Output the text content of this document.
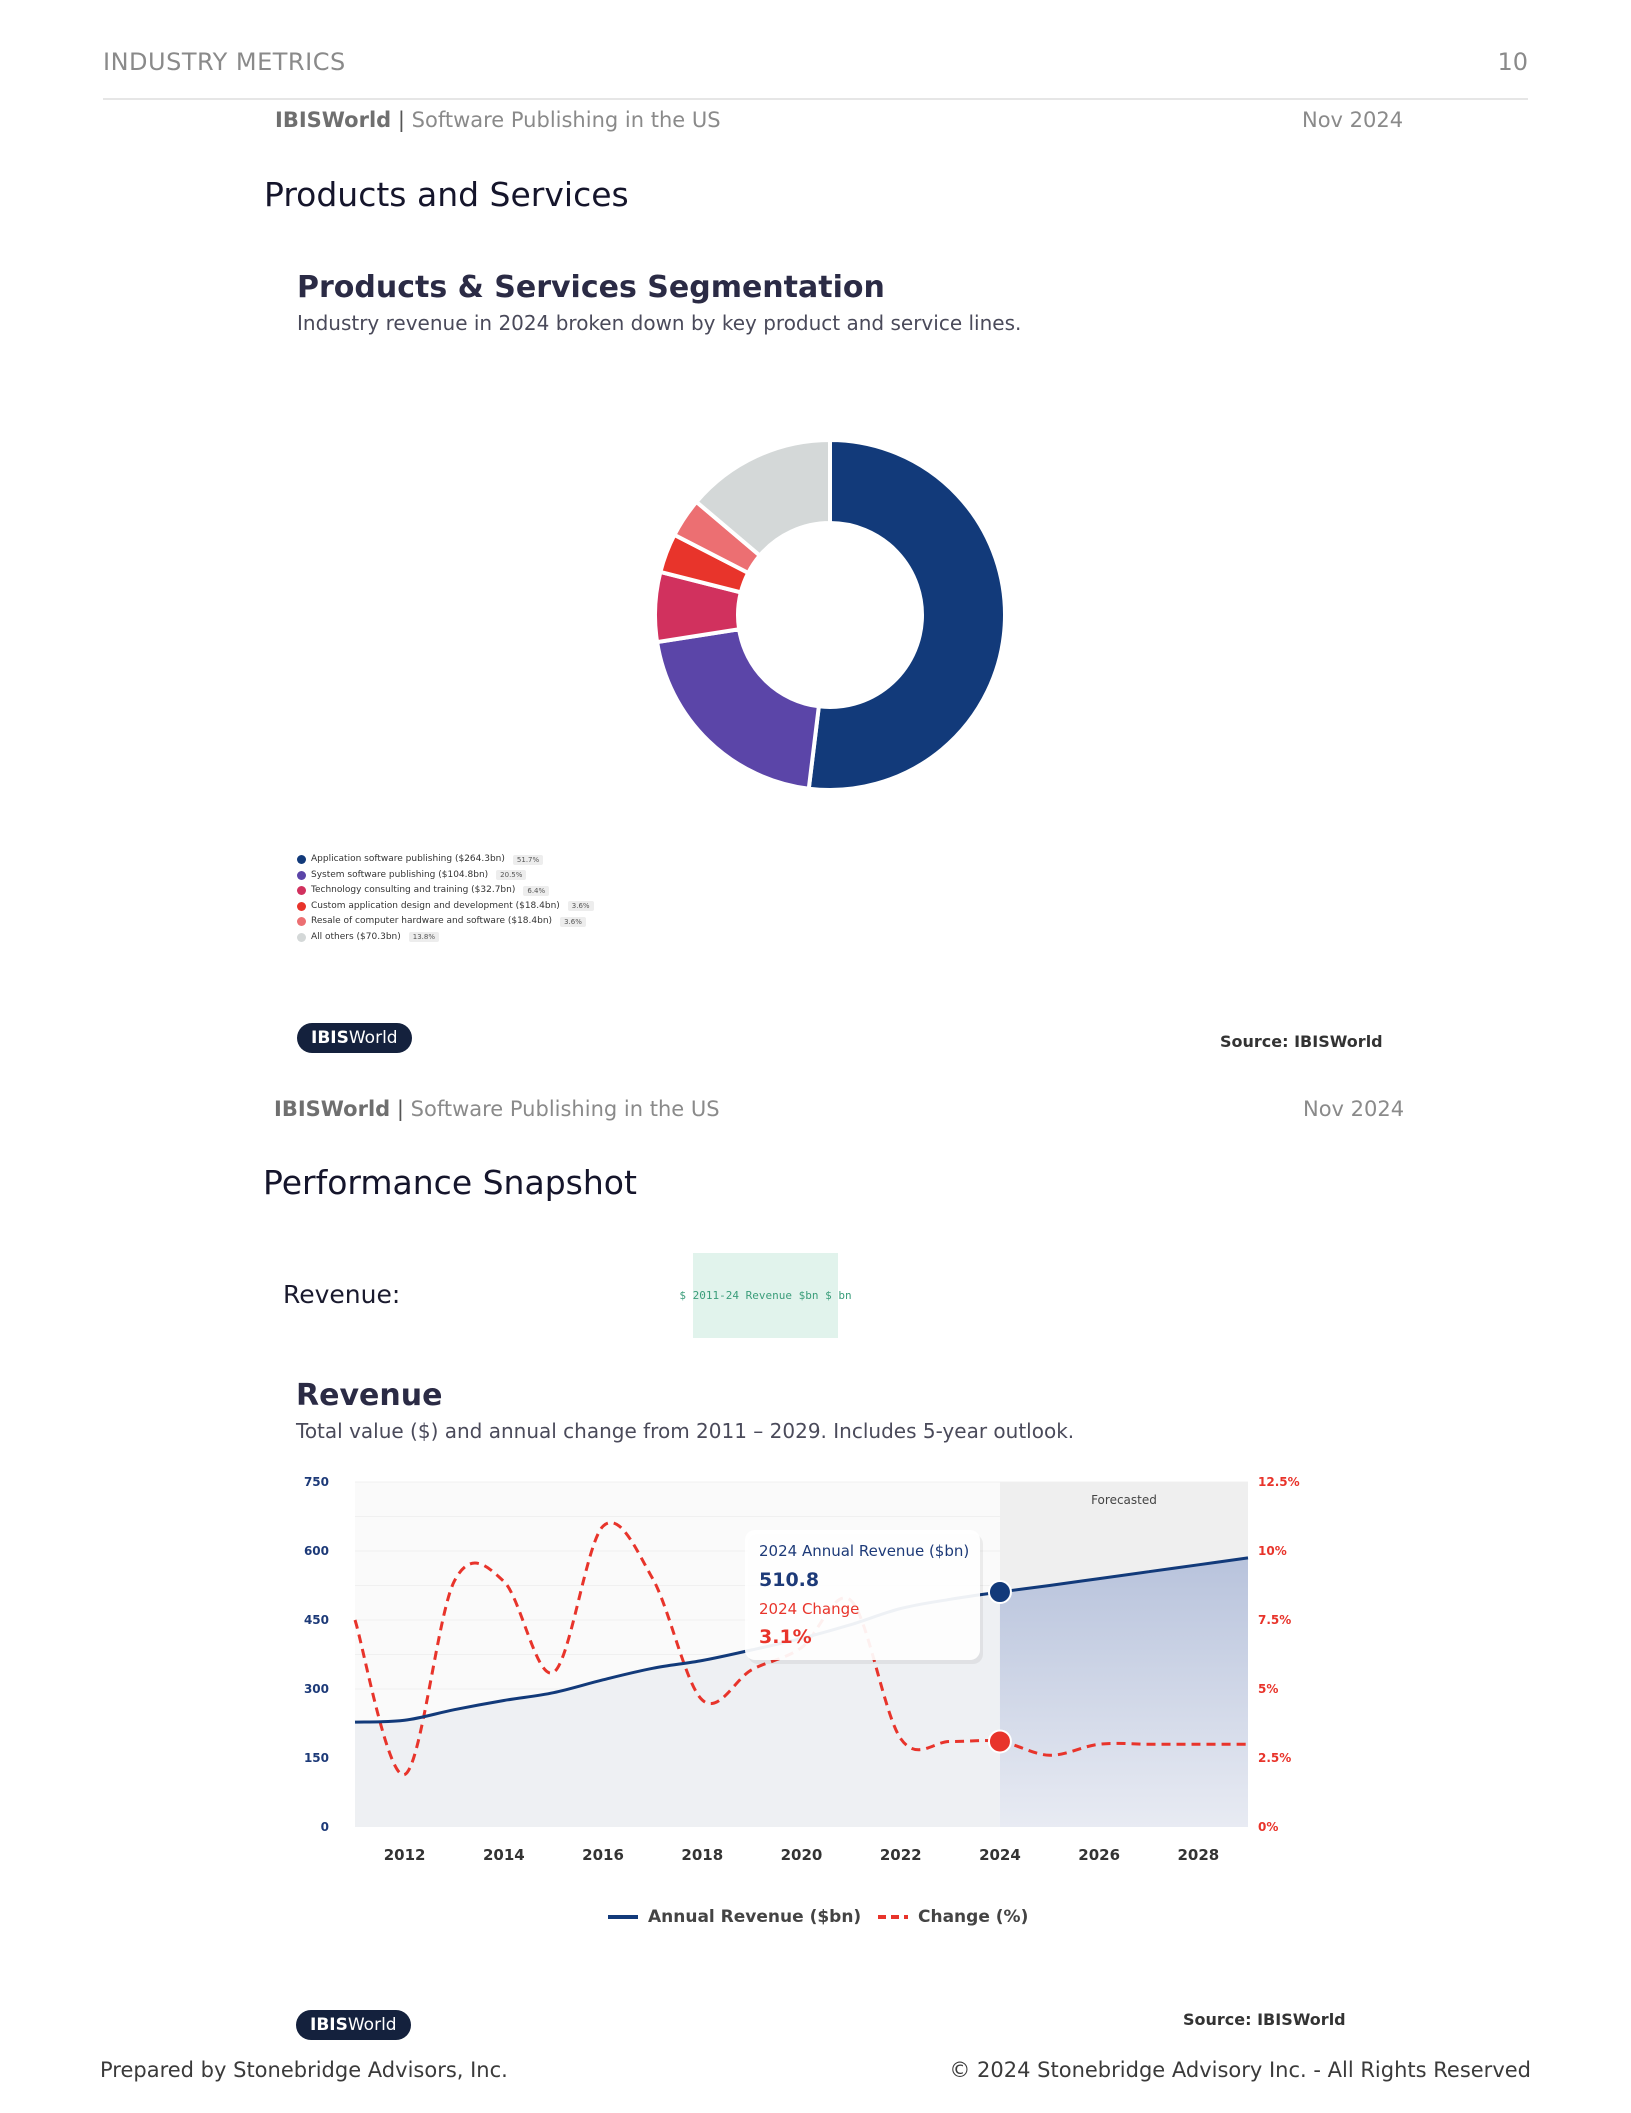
INDUSTRY METRICS	10
IBISWorld | Software Publishing in the US	Nov 2024
Products and Services
Products & Services Segmentation
Industry revenue in 2024 broken down by key product and service lines.
Application software publishing ($264.3bn)	51.7%
System software publishing ($104.8bn)	20.5%
Technology consulting and training ($32.7bn)	6.4%
Custom application design and development ($18.4bn)	3.6%
Resale of computer hardware and software ($18.4bn)	3.6%
All others ($70.3bn)	13.8%
IBISWorld	Source: IBISWorld
IBISWorld | Software Publishing in the US	Nov 2024
Performance Snapshot
Revenue:	$ 2011-24 Revenue $bn $ bn
Revenue
Total value ($) and annual change from 2011 – 2029. Includes 5-year outlook.
Forecasted
2024 Annual Revenue ($bn)
510.8
2024 Change
3.1%
0
150
300
450
600
750
0%
2.5%
5%
7.5%
10%
12.5%
2012	2014	2016	2018	2020	2022	2024	2026	2028
Annual Revenue ($bn)	Change (%)
IBISWorld	Source: IBISWorld
Prepared by Stonebridge Advisors, Inc.	© 2024 Stonebridge Advisory Inc. - All Rights Reserved
